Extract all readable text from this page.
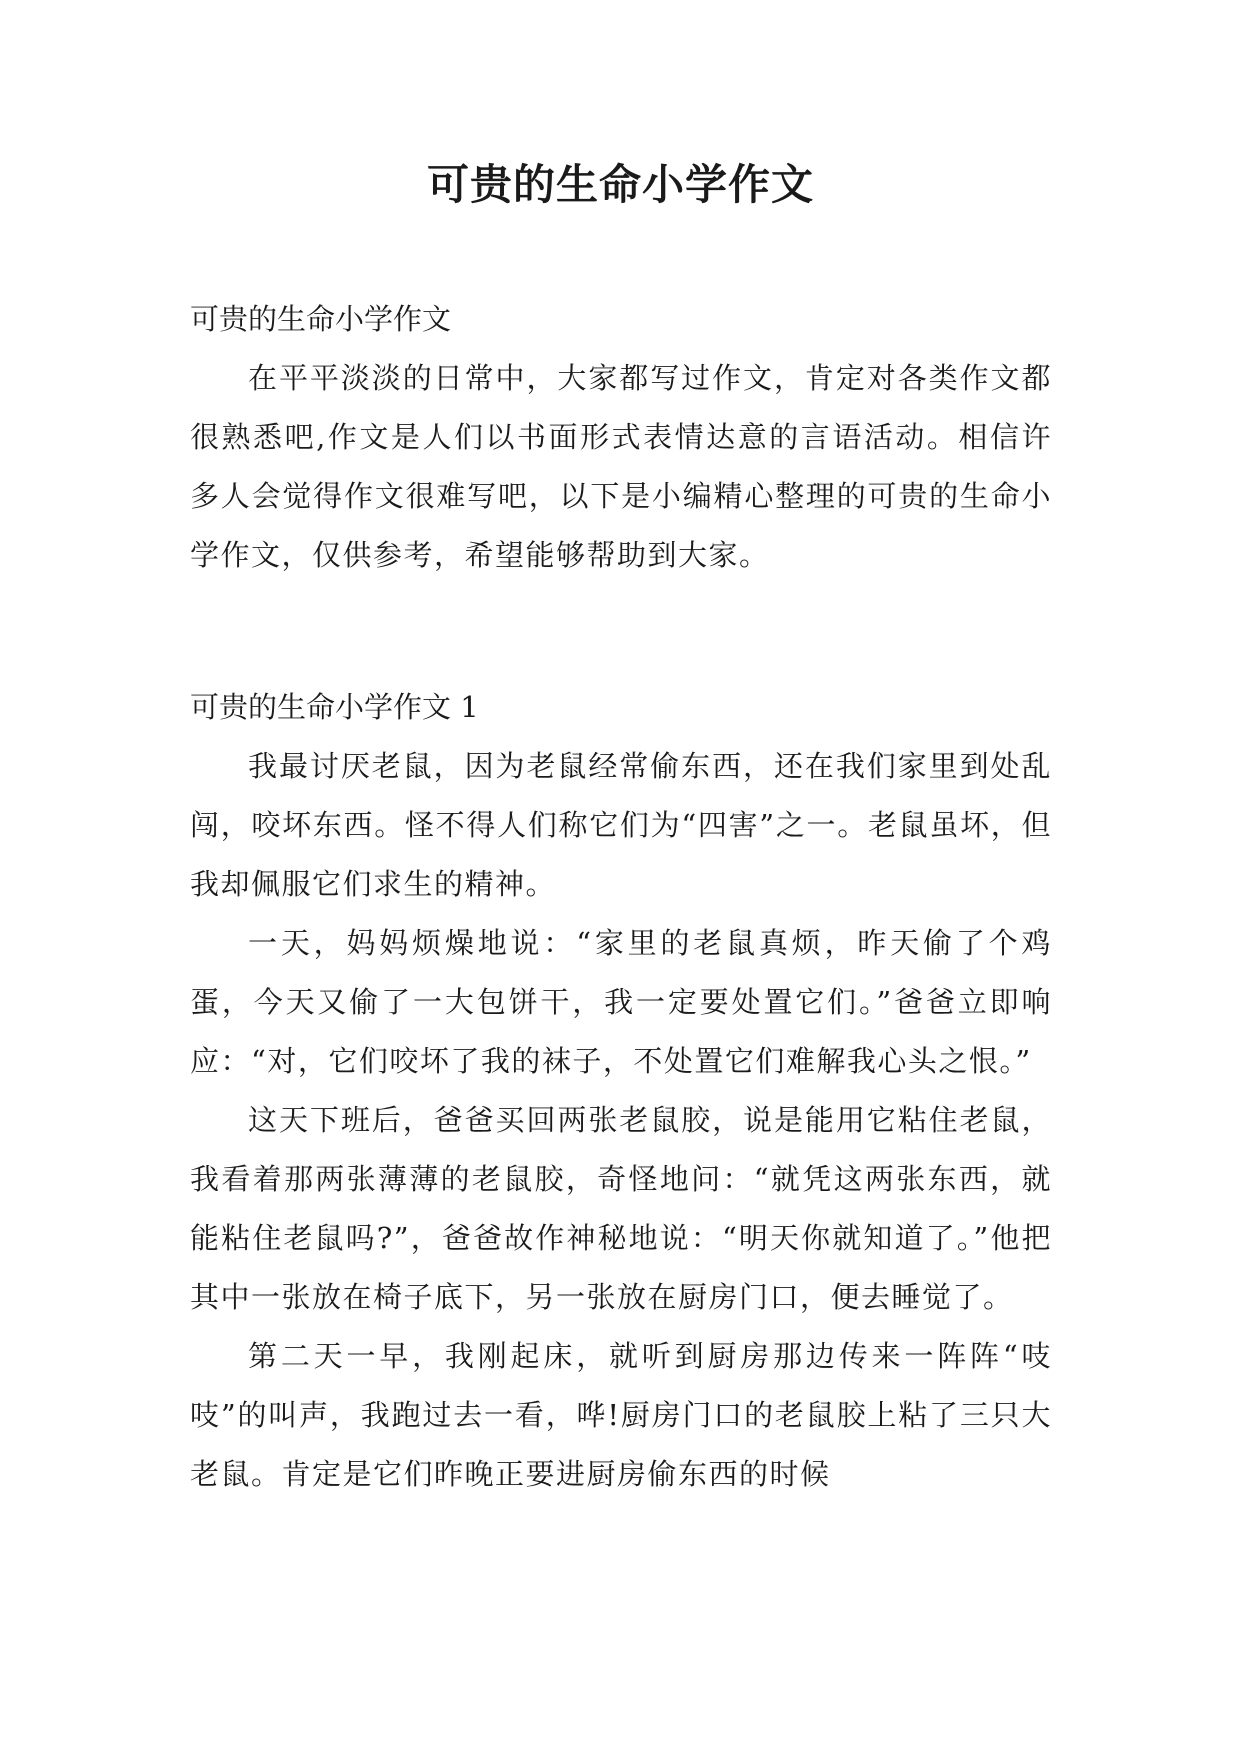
可贵的生命小学作文

可贵的生命小学作文

在平平淡淡的日常中，大家都写过作文，肯定对各类作文都很熟悉吧,作文是人们以书面形式表情达意的言语活动。相信许多人会觉得作文很难写吧，以下是小编精心整理的可贵的生命小学作文，仅供参考，希望能够帮助到大家。

可贵的生命小学作文 1

我最讨厌老鼠，因为老鼠经常偷东西，还在我们家里到处乱闯，咬坏东西。怪不得人们称它们为“四害”之一。老鼠虽坏，但我却佩服它们求生的精神。

一天，妈妈烦燥地说：“家里的老鼠真烦，昨天偷了个鸡蛋，今天又偷了一大包饼干，我一定要处置它们。”爸爸立即响应：“对，它们咬坏了我的袜子，不处置它们难解我心头之恨。”

这天下班后，爸爸买回两张老鼠胶，说是能用它粘住老鼠，我看着那两张薄薄的老鼠胶，奇怪地问：“就凭这两张东西，就能粘住老鼠吗?”，爸爸故作神秘地说：“明天你就知道了。”他把其中一张放在椅子底下，另一张放在厨房门口，便去睡觉了。

第二天一早，我刚起床，就听到厨房那边传来一阵阵“吱吱”的叫声，我跑过去一看，哗!厨房门口的老鼠胶上粘了三只大老鼠。肯定是它们昨晚正要进厨房偷东西的时候
